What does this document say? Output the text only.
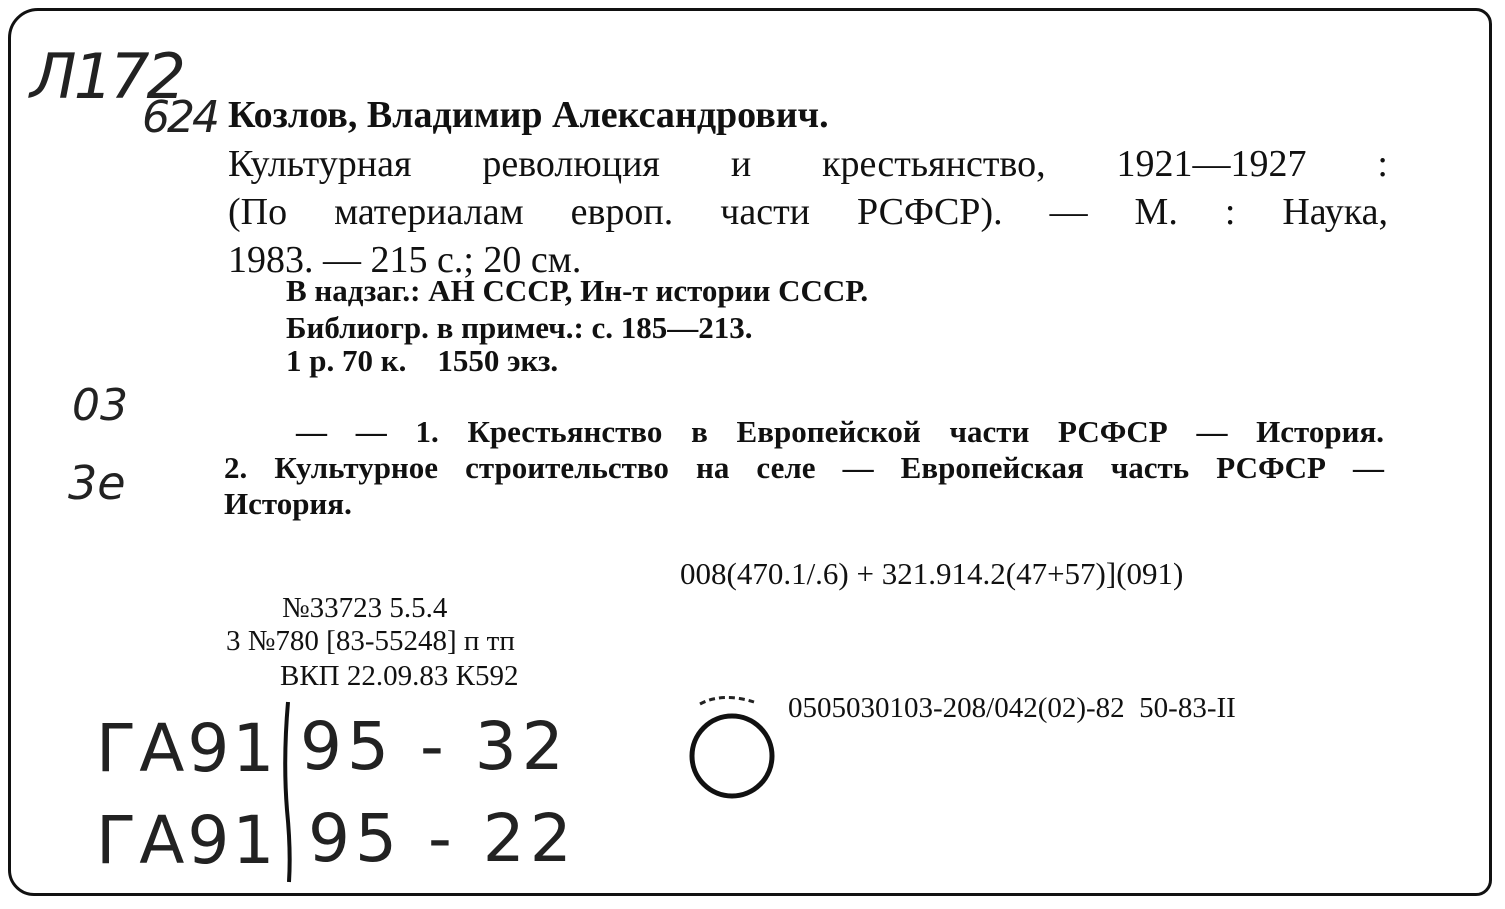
Л172
624 Козлов, Владимир Александрович.

Культурная революция и крестьянство, 1921—1927 :
(По материалам европ. части РСФСР). — М. : Наука,
1983. — 215 с.; 20 см.

В надзаг.: АН СССР, Ин-т истории СССР.

Библиогр. в примеч.: с. 185—213.

1 р. 70 к.    1550 экз.

03
3е
— — 1. Крестьянство в Европейской части РСФСР — История.
2. Культурное строительство на селе — Европейская часть РСФСР —
История.

008(470.1/.6) + 321.914.2(47+57)](091)

№33723 5.5.4

3 №780 [83-55248] п тп

ВКП 22.09.83 К592

0505030103-208/042(02)-82  50-83-II

ГА91
ГА91
95 - 32
95 - 22
